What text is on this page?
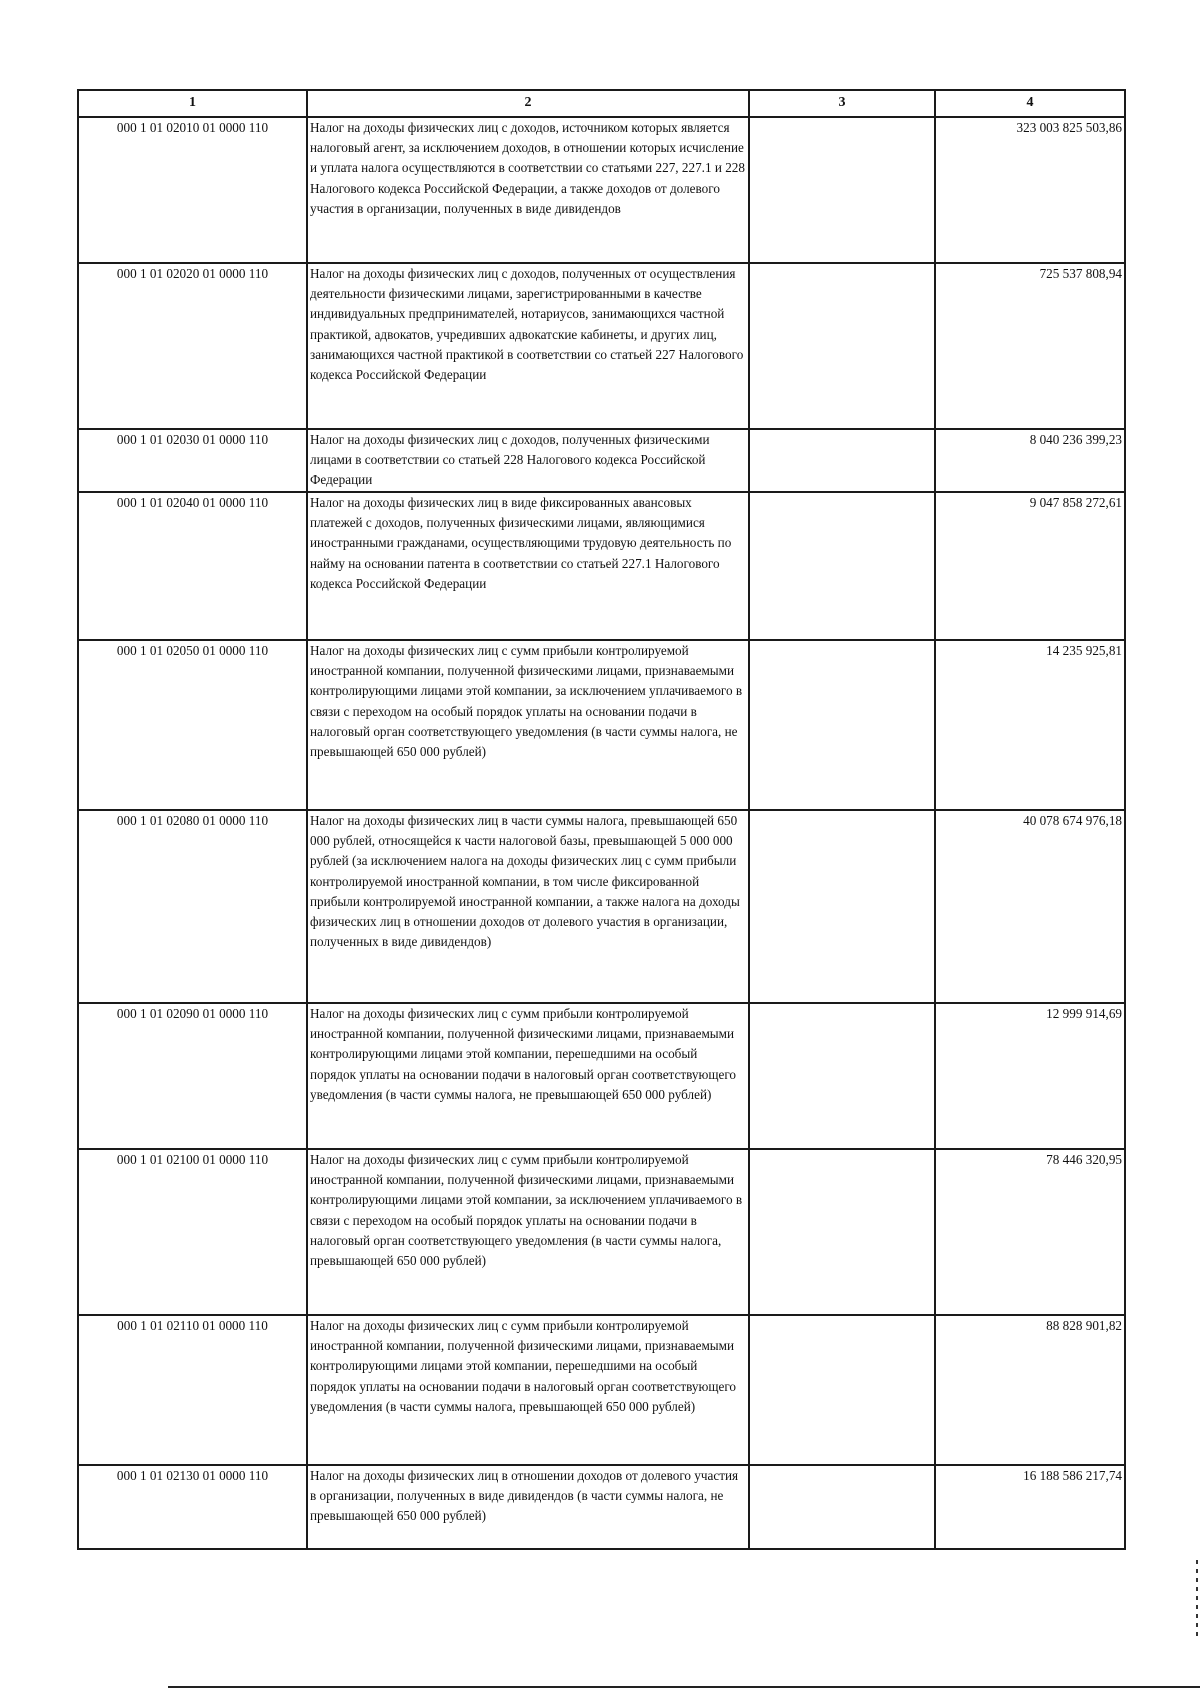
1	2	3	4
000 1 01 02010 01 0000 110	Налог на доходы физических лиц с доходов, источником которых является налоговый агент, за исключением доходов, в отношении которых исчисление и уплата налога осуществляются в соответствии со статьями 227, 227.1 и 228 Налогового кодекса Российской Федерации, а также доходов от долевого участия в организации, полученных в виде дивидендов		323 003 825 503,86
000 1 01 02020 01 0000 110	Налог на доходы физических лиц с доходов, полученных от осуществления деятельности физическими лицами, зарегистрированными в качестве индивидуальных предпринимателей, нотариусов, занимающихся частной практикой, адвокатов, учредивших адвокатские кабинеты, и других лиц, занимающихся частной практикой в соответствии со статьей 227 Налогового кодекса Российской Федерации		725 537 808,94
000 1 01 02030 01 0000 110	Налог на доходы физических лиц с доходов, полученных физическими лицами в соответствии со статьей 228 Налогового кодекса Российской Федерации		8 040 236 399,23
000 1 01 02040 01 0000 110	Налог на доходы физических лиц в виде фиксированных авансовых платежей с доходов, полученных физическими лицами, являющимися иностранными гражданами, осуществляющими трудовую деятельность по найму на основании патента в соответствии со статьей 227.1 Налогового кодекса Российской Федерации		9 047 858 272,61
000 1 01 02050 01 0000 110	Налог на доходы физических лиц с сумм прибыли контролируемой иностранной компании, полученной физическими лицами, признаваемыми контролирующими лицами этой компании, за исключением уплачиваемого в связи с переходом на особый порядок уплаты на основании подачи в налоговый орган соответствующего уведомления (в части суммы налога, не превышающей 650 000 рублей)		14 235 925,81
000 1 01 02080 01 0000 110	Налог на доходы физических лиц в части суммы налога, превышающей 650 000 рублей, относящейся к части налоговой базы, превышающей 5 000 000 рублей (за исключением налога на доходы физических лиц с сумм прибыли контролируемой иностранной компании, в том числе фиксированной прибыли контролируемой иностранной компании, а также налога на доходы физических лиц в отношении доходов от долевого участия в организации, полученных в виде дивидендов)		40 078 674 976,18
000 1 01 02090 01 0000 110	Налог на доходы физических лиц с сумм прибыли контролируемой иностранной компании, полученной физическими лицами, признаваемыми контролирующими лицами этой компании, перешедшими на особый порядок уплаты на основании подачи в налоговый орган соответствующего уведомления (в части суммы налога, не превышающей 650 000 рублей)		12 999 914,69
000 1 01 02100 01 0000 110	Налог на доходы физических лиц с сумм прибыли контролируемой иностранной компании, полученной физическими лицами, признаваемыми контролирующими лицами этой компании, за исключением уплачиваемого в связи с переходом на особый порядок уплаты на основании подачи в налоговый орган соответствующего уведомления (в части суммы налога, превышающей 650 000 рублей)		78 446 320,95
000 1 01 02110 01 0000 110	Налог на доходы физических лиц с сумм прибыли контролируемой иностранной компании, полученной физическими лицами, признаваемыми контролирующими лицами этой компании, перешедшими на особый порядок уплаты на основании подачи в налоговый орган соответствующего уведомления (в части суммы налога, превышающей 650 000 рублей)		88 828 901,82
000 1 01 02130 01 0000 110	Налог на доходы физических лиц в отношении доходов от долевого участия в организации, полученных в виде дивидендов (в части суммы налога, не превышающей 650 000 рублей)		16 188 586 217,74
